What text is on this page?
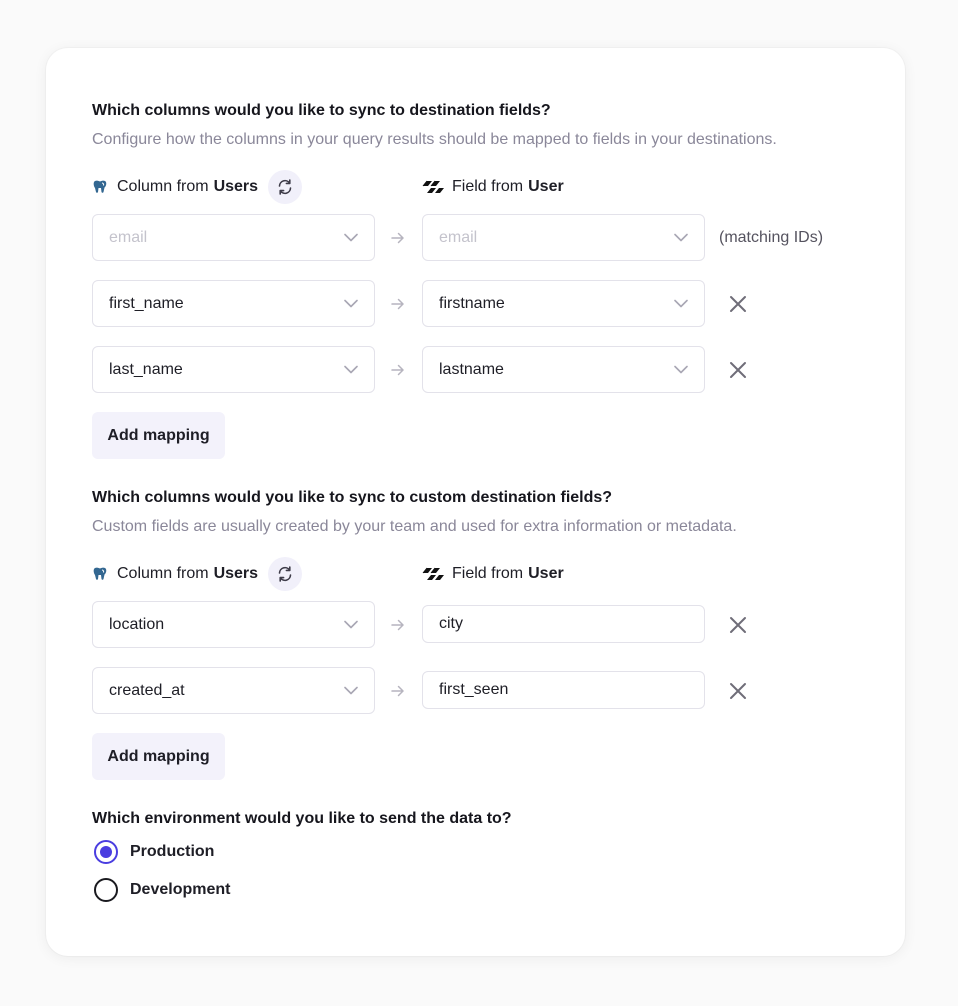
Which columns would you like to sync to destination fields?
Configure how the columns in your query results should be mapped to fields in your destinations.
Column from Users	Field from User
email	email	(matching IDs)
first_name	firstname
last_name	lastname
Add mapping
Which columns would you like to sync to custom destination fields?
Custom fields are usually created by your team and used for extra information or metadata.
Column from Users	Field from User
location	city
created_at	first_seen
Add mapping
Which environment would you like to send the data to?
Production
Development
